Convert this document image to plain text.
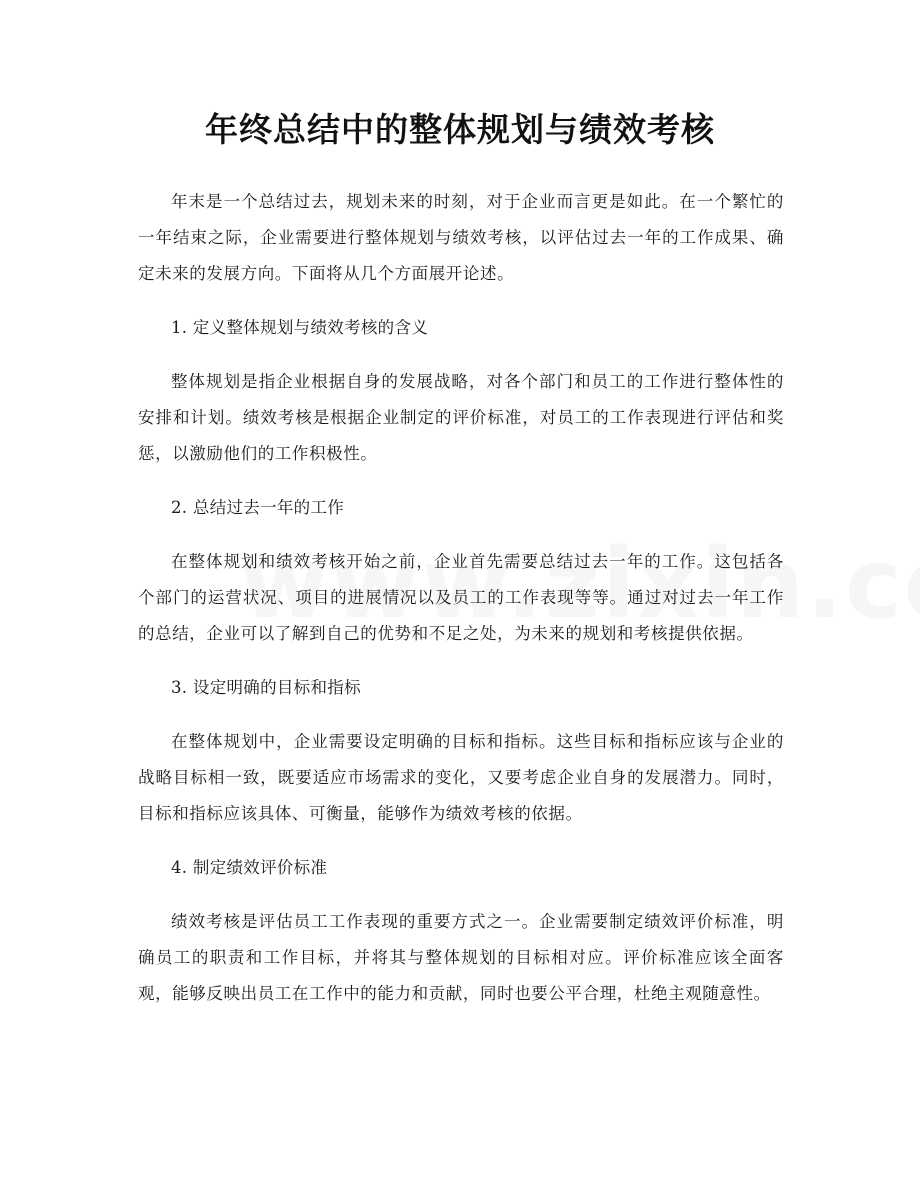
年终总结中的整体规划与绩效考核

年末是一个总结过去，规划未来的时刻，对于企业而言更是如此。在一个繁忙的一年结束之际，企业需要进行整体规划与绩效考核，以评估过去一年的工作成果、确定未来的发展方向。下面将从几个方面展开论述。

1. 定义整体规划与绩效考核的含义

整体规划是指企业根据自身的发展战略，对各个部门和员工的工作进行整体性的安排和计划。绩效考核是根据企业制定的评价标准，对员工的工作表现进行评估和奖惩，以激励他们的工作积极性。

2. 总结过去一年的工作

在整体规划和绩效考核开始之前，企业首先需要总结过去一年的工作。这包括各个部门的运营状况、项目的进展情况以及员工的工作表现等等。通过对过去一年工作的总结，企业可以了解到自己的优势和不足之处，为未来的规划和考核提供依据。

3. 设定明确的目标和指标

在整体规划中，企业需要设定明确的目标和指标。这些目标和指标应该与企业的战略目标相一致，既要适应市场需求的变化，又要考虑企业自身的发展潜力。同时，目标和指标应该具体、可衡量，能够作为绩效考核的依据。

4. 制定绩效评价标准

绩效考核是评估员工工作表现的重要方式之一。企业需要制定绩效评价标准，明确员工的职责和工作目标，并将其与整体规划的目标相对应。评价标准应该全面客观，能够反映出员工在工作中的能力和贡献，同时也要公平合理，杜绝主观随意性。
